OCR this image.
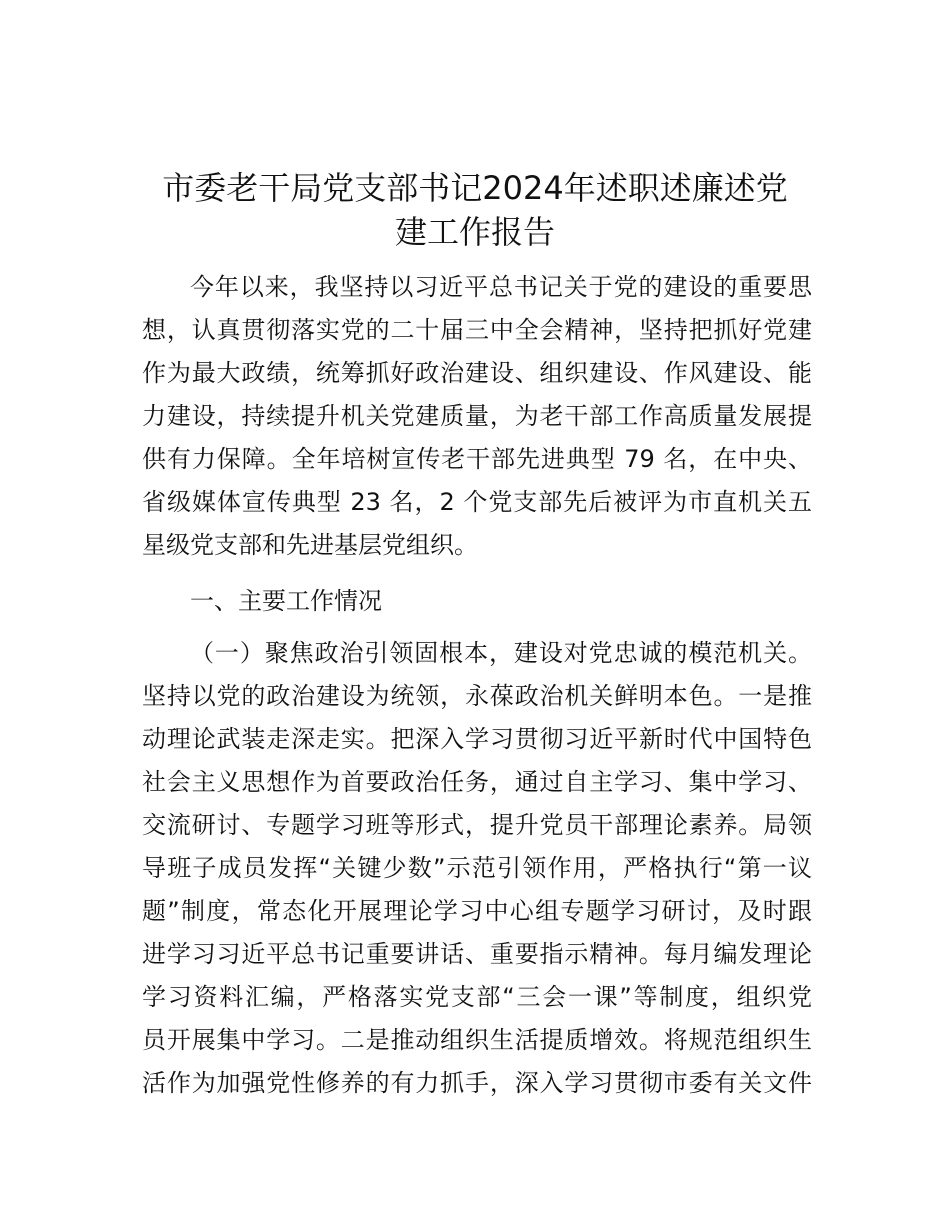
市委老干局党支部书记2024年述职述廉述党
建工作报告
今年以来，我坚持以习近平总书记关于党的建设的重要思
想，认真贯彻落实党的二十届三中全会精神，坚持把抓好党建
作为最大政绩，统筹抓好政治建设、组织建设、作风建设、能
力建设，持续提升机关党建质量，为老干部工作高质量发展提
供有力保障。全年培树宣传老干部先进典型 79 名，在中央、
省级媒体宣传典型 23 名，2 个党支部先后被评为市直机关五
星级党支部和先进基层党组织。
一、主要工作情况
（一）聚焦政治引领固根本，建设对党忠诚的模范机关。
坚持以党的政治建设为统领，永葆政治机关鲜明本色。一是推
动理论武装走深走实。把深入学习贯彻习近平新时代中国特色
社会主义思想作为首要政治任务，通过自主学习、集中学习、
交流研讨、专题学习班等形式，提升党员干部理论素养。局领
导班子成员发挥“关键少数”示范引领作用，严格执行“第一议
题”制度，常态化开展理论学习中心组专题学习研讨，及时跟
进学习习近平总书记重要讲话、重要指示精神。每月编发理论
学习资料汇编，严格落实党支部“三会一课”等制度，组织党
员开展集中学习。二是推动组织生活提质增效。将规范组织生
活作为加强党性修养的有力抓手，深入学习贯彻市委有关文件
